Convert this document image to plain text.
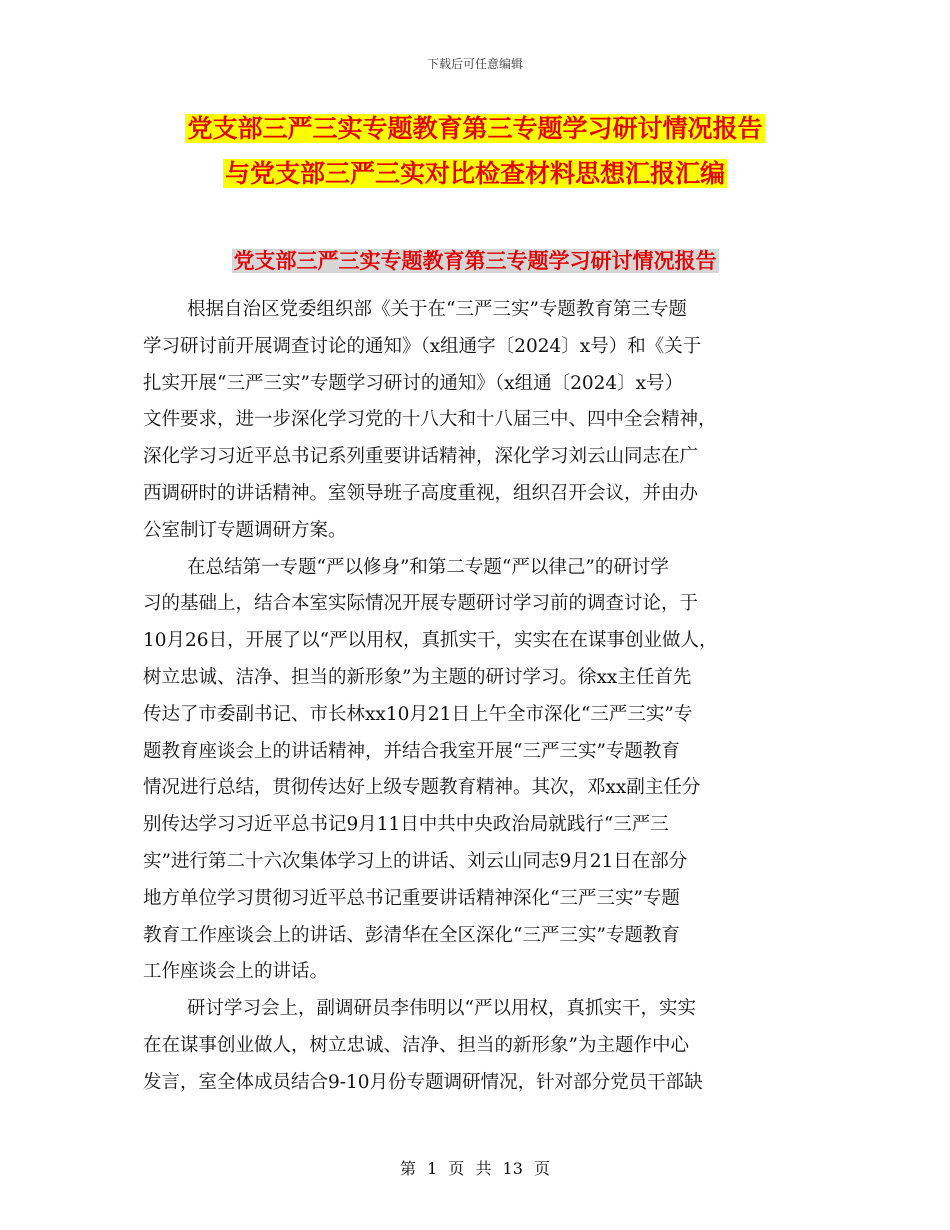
下载后可任意编辑
党支部三严三实专题教育第三专题学习研讨情况报告
与党支部三严三实对比检查材料思想汇报汇编
党支部三严三实专题教育第三专题学习研讨情况报告
根据自治区党委组织部《关于在“三严三实”专题教育第三专题
学习研讨前开展调查讨论的通知》（x组通字〔2024〕x号）和《关于
扎实开展“三严三实”专题学习研讨的通知》（x组通〔2024〕x号）
文件要求，进一步深化学习党的十八大和十八届三中、四中全会精神，
深化学习习近平总书记系列重要讲话精神，深化学习刘云山同志在广
西调研时的讲话精神。室领导班子高度重视，组织召开会议，并由办
公室制订专题调研方案。
在总结第一专题“严以修身”和第二专题“严以律己”的研讨学
习的基础上，结合本室实际情况开展专题研讨学习前的调查讨论，于
10月26日，开展了以“严以用权，真抓实干，实实在在谋事创业做人，
树立忠诚、洁净、担当的新形象”为主题的研讨学习。徐xx主任首先
传达了市委副书记、市长林xx10月21日上午全市深化“三严三实”专
题教育座谈会上的讲话精神，并结合我室开展“三严三实”专题教育
情况进行总结，贯彻传达好上级专题教育精神。其次，邓xx副主任分
别传达学习习近平总书记9月11日中共中央政治局就践行“三严三
实”进行第二十六次集体学习上的讲话、刘云山同志9月21日在部分
地方单位学习贯彻习近平总书记重要讲话精神深化“三严三实”专题
教育工作座谈会上的讲话、彭清华在全区深化“三严三实”专题教育
工作座谈会上的讲话。
研讨学习会上，副调研员李伟明以“严以用权，真抓实干，实实
在在谋事创业做人，树立忠诚、洁净、担当的新形象”为主题作中心
发言，室全体成员结合9-10月份专题调研情况，针对部分党员干部缺
第 1 页 共 13 页
